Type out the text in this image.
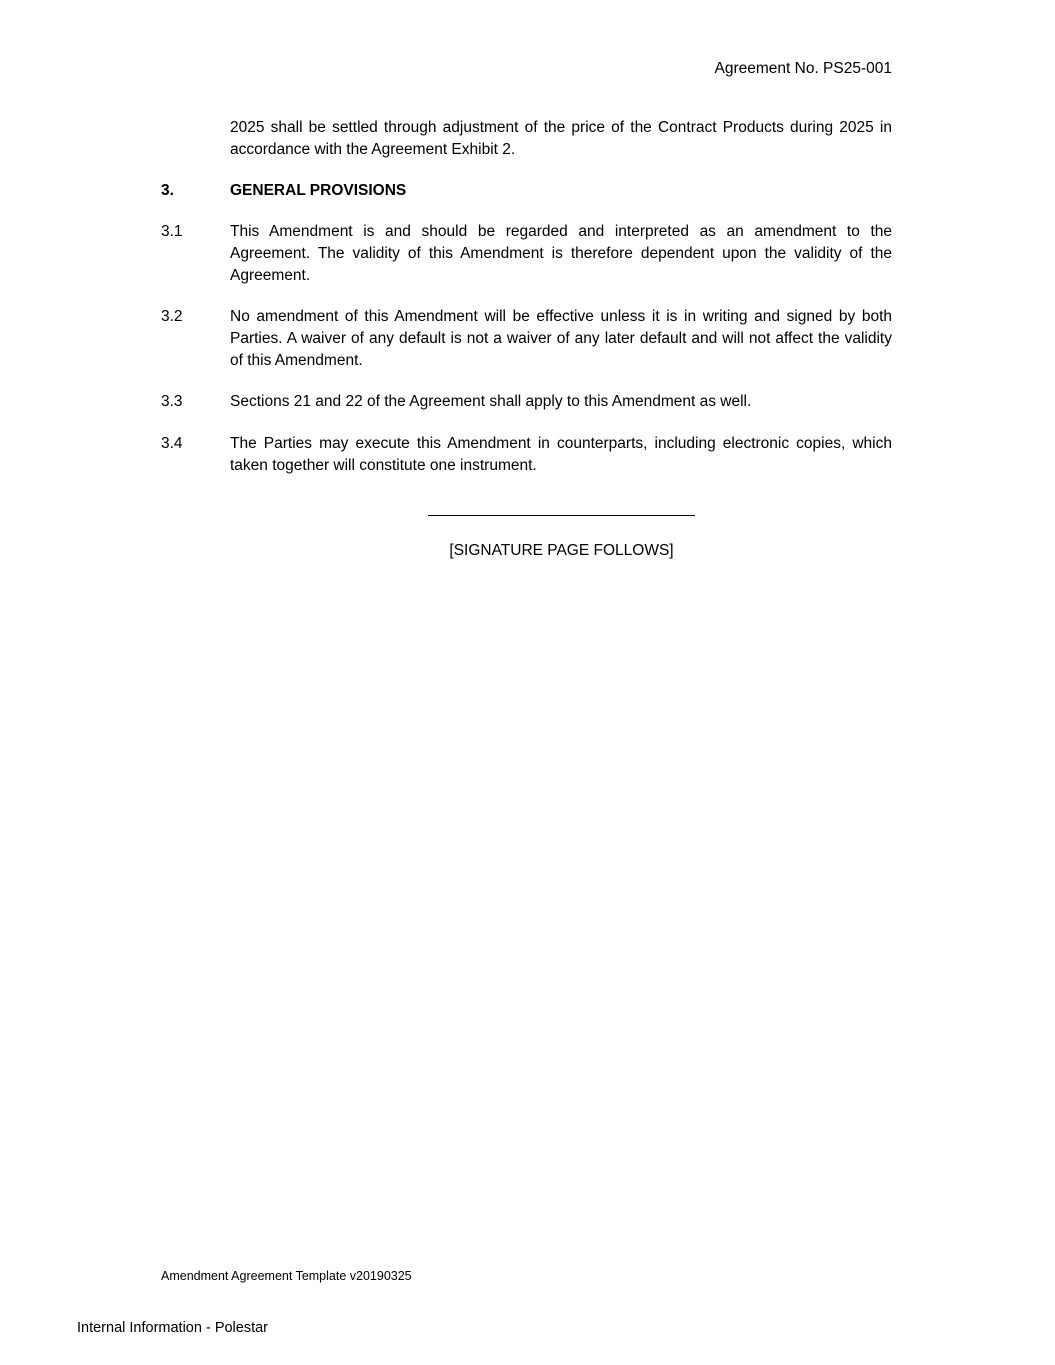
Agreement No. PS25-001
2025 shall be settled through adjustment of the price of the Contract Products during 2025 in accordance with the Agreement Exhibit 2.
3.	GENERAL PROVISIONS
3.1	This Amendment is and should be regarded and interpreted as an amendment to the Agreement. The validity of this Amendment is therefore dependent upon the validity of the Agreement.
3.2	No amendment of this Amendment will be effective unless it is in writing and signed by both Parties. A waiver of any default is not a waiver of any later default and will not affect the validity of this Amendment.
3.3	Sections 21 and 22 of the Agreement shall apply to this Amendment as well.
3.4	The Parties may execute this Amendment in counterparts, including electronic copies, which taken together will constitute one instrument.
[SIGNATURE PAGE FOLLOWS]
Amendment Agreement Template v20190325
Internal Information - Polestar
